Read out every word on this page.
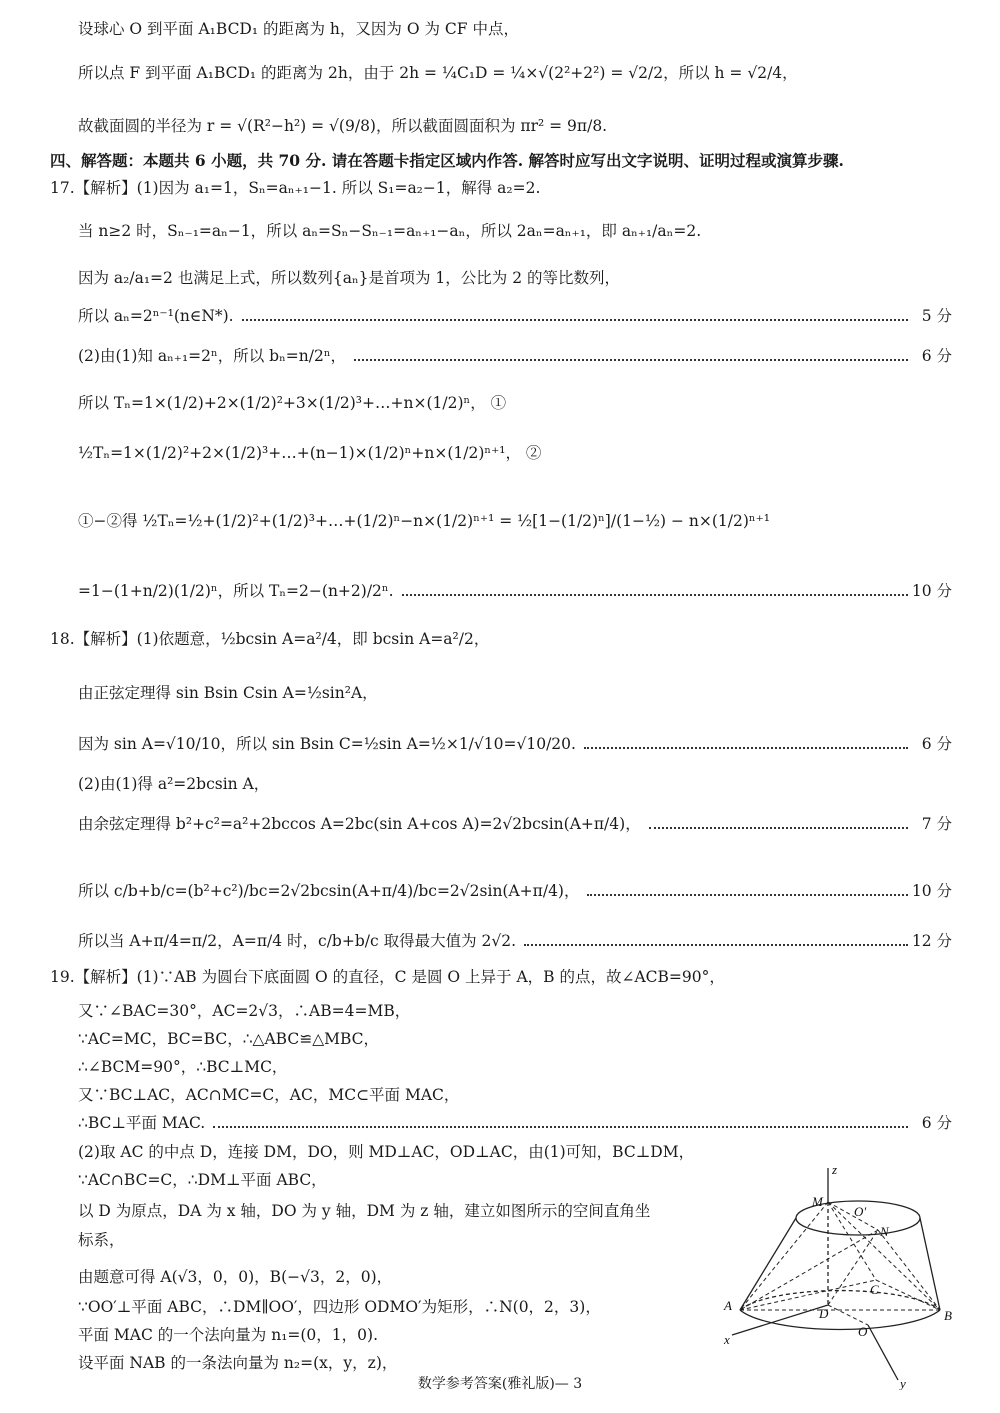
设球心 O 到平面 A₁BCD₁ 的距离为 h，又因为 O 为 CF 中点，
所以点 F 到平面 A₁BCD₁ 的距离为 2h，由于 2h = ¼C₁D = ¼×√(2²+2²) = √2/2，所以 h = √2/4，
故截面圆的半径为 r = √(R²−h²) = √(9/8)，所以截面圆面积为 πr² = 9π/8.
四、解答题：本题共 6 小题，共 70 分. 请在答题卡指定区域内作答. 解答时应写出文字说明、证明过程或演算步骤.
17.【解析】(1)因为 a₁=1，Sₙ=aₙ₊₁−1. 所以 S₁=a₂−1，解得 a₂=2.
当 n≥2 时，Sₙ₋₁=aₙ−1，所以 aₙ=Sₙ−Sₙ₋₁=aₙ₊₁−aₙ，所以 2aₙ=aₙ₊₁，即 aₙ₊₁/aₙ=2.
因为 a₂/a₁=2 也满足上式，所以数列{aₙ}是首项为 1，公比为 2 的等比数列，
所以 aₙ=2ⁿ⁻¹(n∈N*).	5 分
(2)由(1)知 aₙ₊₁=2ⁿ，所以 bₙ=n/2ⁿ，	6 分
所以 Tₙ=1×(1/2)+2×(1/2)²+3×(1/2)³+…+n×(1/2)ⁿ， ①
½Tₙ=1×(1/2)²+2×(1/2)³+…+(n−1)×(1/2)ⁿ+n×(1/2)ⁿ⁺¹， ②
①−②得 ½Tₙ=½+(1/2)²+(1/2)³+…+(1/2)ⁿ−n×(1/2)ⁿ⁺¹ = ½[1−(1/2)ⁿ]/(1−½) − n×(1/2)ⁿ⁺¹
=1−(1+n/2)(1/2)ⁿ，所以 Tₙ=2−(n+2)/2ⁿ.	10 分
18.【解析】(1)依题意，½bcsin A=a²/4，即 bcsin A=a²/2，
由正弦定理得 sin Bsin Csin A=½sin²A，
因为 sin A=√10/10，所以 sin Bsin C=½sin A=½×1/√10=√10/20.	6 分
(2)由(1)得 a²=2bcsin A，
由余弦定理得 b²+c²=a²+2bccos A=2bc(sin A+cos A)=2√2bcsin(A+π/4)，	7 分
所以 c/b+b/c=(b²+c²)/bc=2√2bcsin(A+π/4)/bc=2√2sin(A+π/4)，	10 分
所以当 A+π/4=π/2，A=π/4 时，c/b+b/c 取得最大值为 2√2.	12 分
19.【解析】(1)∵AB 为圆台下底面圆 O 的直径，C 是圆 O 上异于 A，B 的点，故∠ACB=90°，
又∵∠BAC=30°，AC=2√3，∴AB=4=MB，
∵AC=MC，BC=BC，∴△ABC≌△MBC，
∴∠BCM=90°，∴BC⊥MC，
又∵BC⊥AC，AC∩MC=C，AC，MC⊂平面 MAC，
∴BC⊥平面 MAC.	6 分
(2)取 AC 的中点 D，连接 DM，DO，则 MD⊥AC，OD⊥AC，由(1)可知，BC⊥DM，
∵AC∩BC=C，∴DM⊥平面 ABC，
以 D 为原点，DA 为 x 轴，DO 为 y 轴，DM 为 z 轴，建立如图所示的空间直角坐
标系，
由题意可得 A(√3，0，0)，B(−√3，2，0)，
∵OO′⊥平面 ABC，∴DM∥OO′，四边形 ODMO′为矩形，∴N(0，2，3)，
平面 MAC 的一个法向量为 n₁=(0，1，0).
设平面 NAB 的一条法向量为 n₂=(x，y，z)，
z
M
O′
N
C
D
A
B
O
x
y
数学参考答案(雅礼版)— 3
